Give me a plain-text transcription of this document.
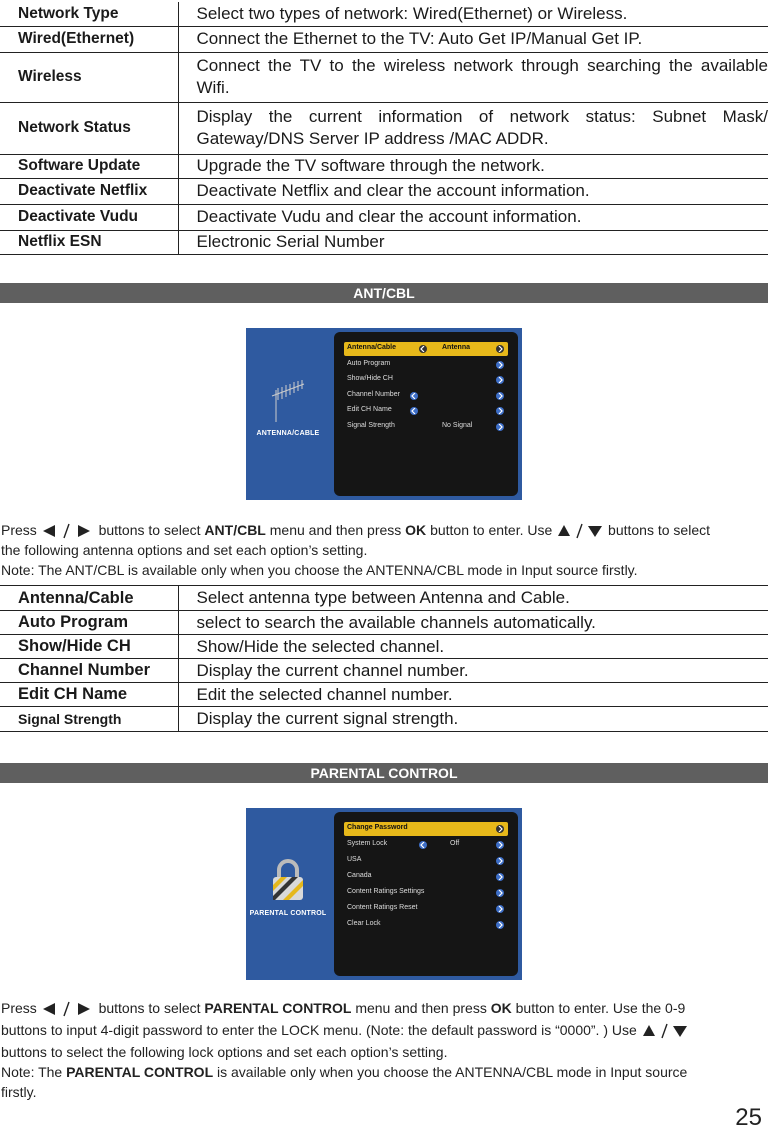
Network Type	Select two types of network: Wired(Ethernet) or Wireless.
Wired(Ethernet)	Connect the Ethernet to the TV: Auto Get IP/Manual Get IP.
Wireless	Connect the TV to the wireless network through searching the available Wifi.
Network Status	Display the current information of network status: Subnet Mask/ Gateway/DNS Server IP address /MAC ADDR.
Software Update	Upgrade the TV software through the network.
Deactivate Netflix	Deactivate Netflix and clear the account information.
Deactivate Vudu	Deactivate Vudu and clear the account information.
Netflix ESN	Electronic Serial Number
ANT/CBL
ANTENNA/CABLE
Antenna/Cable	Antenna
Auto Program
Show/Hide CH
Channel Number
Edit CH Name
Signal Strength	No Signal
Press	buttons to select ANT/CBL menu and then press OK button to enter. Use	buttons to select
the following antenna options and set each option’s setting.
Note: The ANT/CBL is available only when you choose the ANTENNA/CBL mode in Input source firstly.
Antenna/Cable	Select antenna type between Antenna and Cable.
Auto Program	select to search the available channels automatically.
Show/Hide CH	Show/Hide the selected channel.
Channel Number	Display the current channel number.
Edit CH Name	Edit the selected channel number.
Signal Strength	Display the current signal strength.
PARENTAL CONTROL
PARENTAL CONTROL
Change Password
System Lock	Off
USA
Canada
Content Ratings Settings
Content Ratings Reset
Clear Lock
Press	buttons to select PARENTAL CONTROL menu and then press OK button to enter. Use the 0-9
buttons to input 4-digit password to enter the LOCK menu. (Note: the default password is “0000”. ) Use
buttons to select the following lock options and set each option’s setting.
Note: The PARENTAL CONTROL is available only when you choose the ANTENNA/CBL mode in Input source
firstly.
25
